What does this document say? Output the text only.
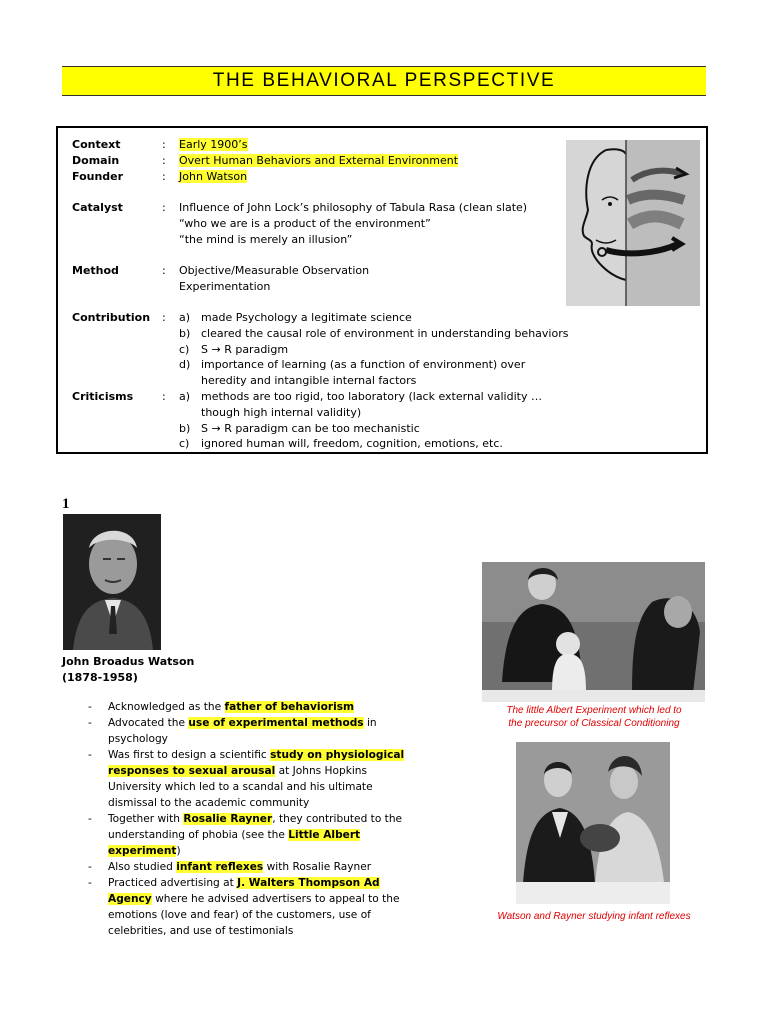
THE BEHAVIORAL PERSPECTIVE
Context	: Early 1900’s
Domain	: Overt Human Behaviors and External Environment
Founder	: John Watson
Catalyst	: Influence of John Lock’s philosophy of Tabula Rasa (clean slate)
“who we are is a product of the environment”
“the mind is merely an illusion”
Method	: Objective/Measurable Observation
Experimentation
Contribution	: a) made Psychology a legitimate science
b) cleared the causal role of environment in understanding behaviors
c) S → R paradigm
d) importance of learning (as a function of environment) over
heredity and intangible internal factors
Criticisms	: a) methods are too rigid, too laboratory (lack external validity …
though high internal validity)
b) S → R paradigm can be too mechanistic
c) ignored human will, freedom, cognition, emotions, etc.
1
John Broadus Watson
(1878-1958)
- Acknowledged as the father of behaviorism
- Advocated the use of experimental methods in psychology
- Was first to design a scientific study on physiological responses to sexual arousal at Johns Hopkins University which led to a scandal and his ultimate dismissal to the academic community
- Together with Rosalie Rayner, they contributed to the understanding of phobia (see the Little Albert experiment)
- Also studied infant reflexes with Rosalie Rayner
- Practiced advertising at J. Walters Thompson Ad Agency where he advised advertisers to appeal to the emotions (love and fear) of the customers, use of celebrities, and use of testimonials
The little Albert Experiment which led to
the precursor of Classical Conditioning
Watson and Rayner studying infant reflexes
